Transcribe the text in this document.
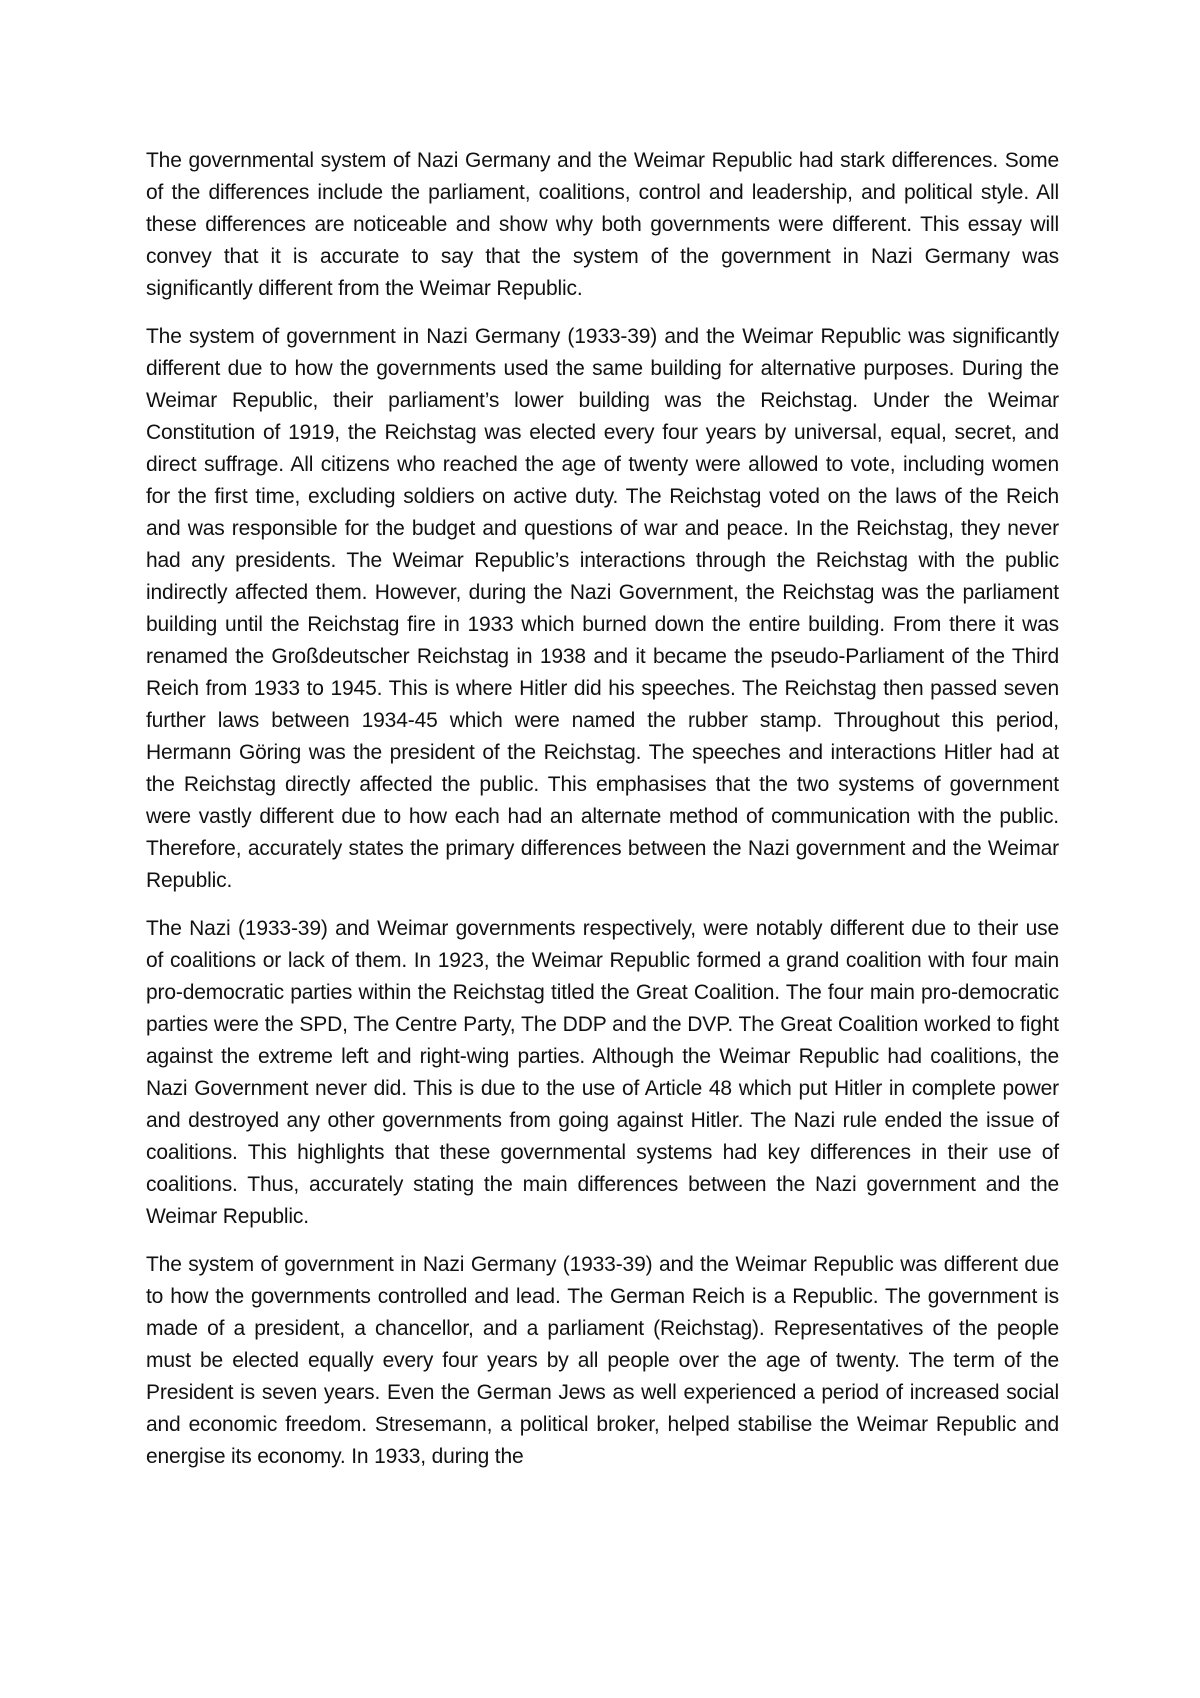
The governmental system of Nazi Germany and the Weimar Republic had stark differences. Some of the differences include the parliament, coalitions, control and leadership, and political style. All these differences are noticeable and show why both governments were different. This essay will convey that it is accurate to say that the system of the government in Nazi Germany was significantly different from the Weimar Republic.

The system of government in Nazi Germany (1933-39) and the Weimar Republic was significantly different due to how the governments used the same building for alternative purposes. During the Weimar Republic, their parliament’s lower building was the Reichstag. Under the Weimar Constitution of 1919, the Reichstag was elected every four years by universal, equal, secret, and direct suffrage. All citizens who reached the age of twenty were allowed to vote, including women for the first time, excluding soldiers on active duty. The Reichstag voted on the laws of the Reich and was responsible for the budget and questions of war and peace. In the Reichstag, they never had any presidents. The Weimar Republic’s interactions through the Reichstag with the public indirectly affected them. However, during the Nazi Government, the Reichstag was the parliament building until the Reichstag fire in 1933 which burned down the entire building. From there it was renamed the Großdeutscher Reichstag in 1938 and it became the pseudo-Parliament of the Third Reich from 1933 to 1945. This is where Hitler did his speeches. The Reichstag then passed seven further laws between 1934-45 which were named the rubber stamp. Throughout this period, Hermann Göring was the president of the Reichstag. The speeches and interactions Hitler had at the Reichstag directly affected the public. This emphasises that the two systems of government were vastly different due to how each had an alternate method of communication with the public. Therefore, accurately states the primary differences between the Nazi government and the Weimar Republic.

The Nazi (1933-39) and Weimar governments respectively, were notably different due to their use of coalitions or lack of them. In 1923, the Weimar Republic formed a grand coalition with four main pro-democratic parties within the Reichstag titled the Great Coalition. The four main pro-democratic parties were the SPD, The Centre Party, The DDP and the DVP. The Great Coalition worked to fight against the extreme left and right-wing parties. Although the Weimar Republic had coalitions, the Nazi Government never did. This is due to the use of Article 48 which put Hitler in complete power and destroyed any other governments from going against Hitler. The Nazi rule ended the issue of coalitions. This highlights that these governmental systems had key differences in their use of coalitions. Thus, accurately stating the main differences between the Nazi government and the Weimar Republic.

The system of government in Nazi Germany (1933-39) and the Weimar Republic was different due to how the governments controlled and lead. The German Reich is a Republic. The government is made of a president, a chancellor, and a parliament (Reichstag). Representatives of the people must be elected equally every four years by all people over the age of twenty. The term of the President is seven years. Even the German Jews as well experienced a period of increased social and economic freedom. Stresemann, a political broker, helped stabilise the Weimar Republic and energise its economy. In 1933, during the
